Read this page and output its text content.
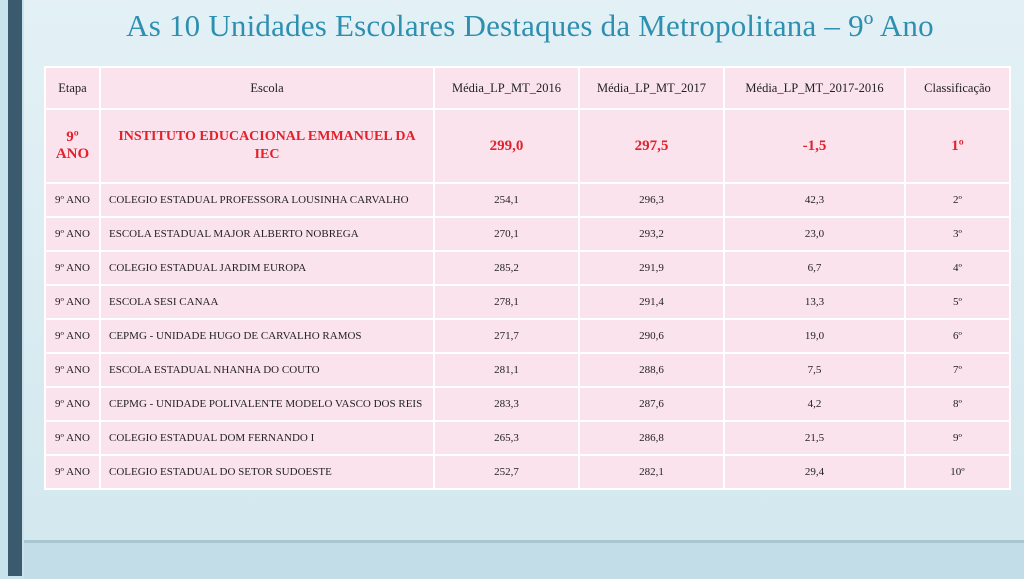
As 10 Unidades Escolares Destaques da Metropolitana – 9º Ano
Etapa	Escola	Média_LP_MT_2016	Média_LP_MT_2017	Média_LP_MT_2017-2016	Classificação
9º ANO	INSTITUTO EDUCACIONAL EMMANUEL DA IEC	299,0	297,5	-1,5	1º
9º ANO	COLEGIO ESTADUAL PROFESSORA LOUSINHA CARVALHO	254,1	296,3	42,3	2º
9º ANO	ESCOLA ESTADUAL MAJOR ALBERTO NOBREGA	270,1	293,2	23,0	3º
9º ANO	COLEGIO ESTADUAL JARDIM EUROPA	285,2	291,9	6,7	4º
9º ANO	ESCOLA SESI CANAA	278,1	291,4	13,3	5º
9º ANO	CEPMG - UNIDADE HUGO DE CARVALHO RAMOS	271,7	290,6	19,0	6º
9º ANO	ESCOLA ESTADUAL NHANHA DO COUTO	281,1	288,6	7,5	7º
9º ANO	CEPMG - UNIDADE POLIVALENTE MODELO VASCO DOS REIS	283,3	287,6	4,2	8º
9º ANO	COLEGIO ESTADUAL DOM FERNANDO I	265,3	286,8	21,5	9º
9º ANO	COLEGIO ESTADUAL DO SETOR SUDOESTE	252,7	282,1	29,4	10º
